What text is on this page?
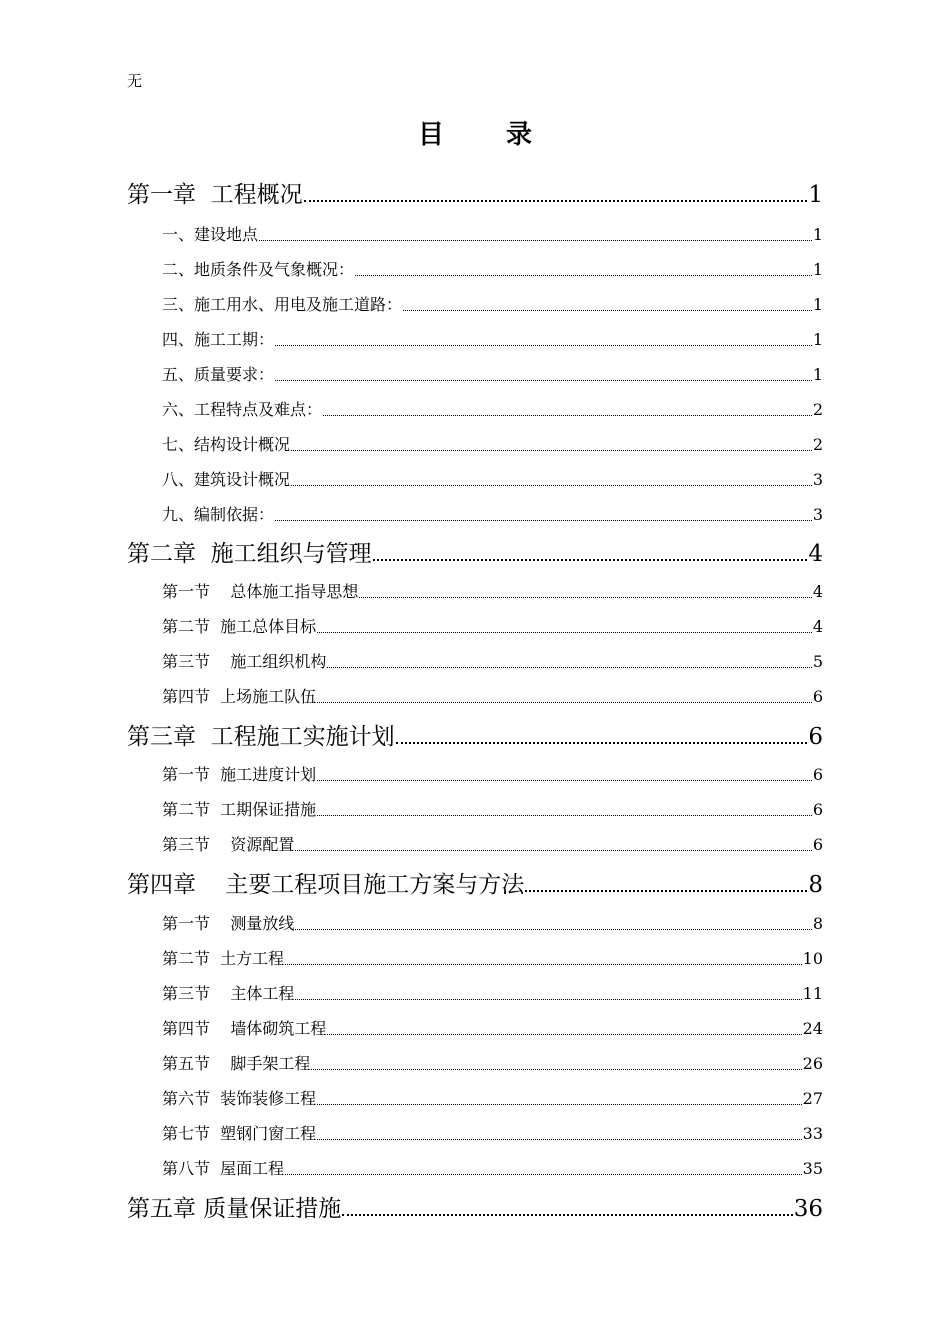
无
目录
第一章  工程概况	1
一、建设地点	1
二、地质条件及气象概况：	1
三、施工用水、用电及施工道路：	1
四、施工工期：	1
五、质量要求：	1
六、工程特点及难点：	2
七、结构设计概况	2
八、建筑设计概况	3
九、编制依据：	3
第二章  施工组织与管理	4
第一节    总体施工指导思想	4
第二节  施工总体目标	4
第三节    施工组织机构	5
第四节  上场施工队伍	6
第三章  工程施工实施计划	6
第一节  施工进度计划	6
第二节  工期保证措施	6
第三节    资源配置	6
第四章    主要工程项目施工方案与方法	8
第一节    测量放线	8
第二节  土方工程	10
第三节    主体工程	11
第四节    墙体砌筑工程	24
第五节    脚手架工程	26
第六节  装饰装修工程	27
第七节  塑钢门窗工程	33
第八节  屋面工程	35
第五章 质量保证措施	36
